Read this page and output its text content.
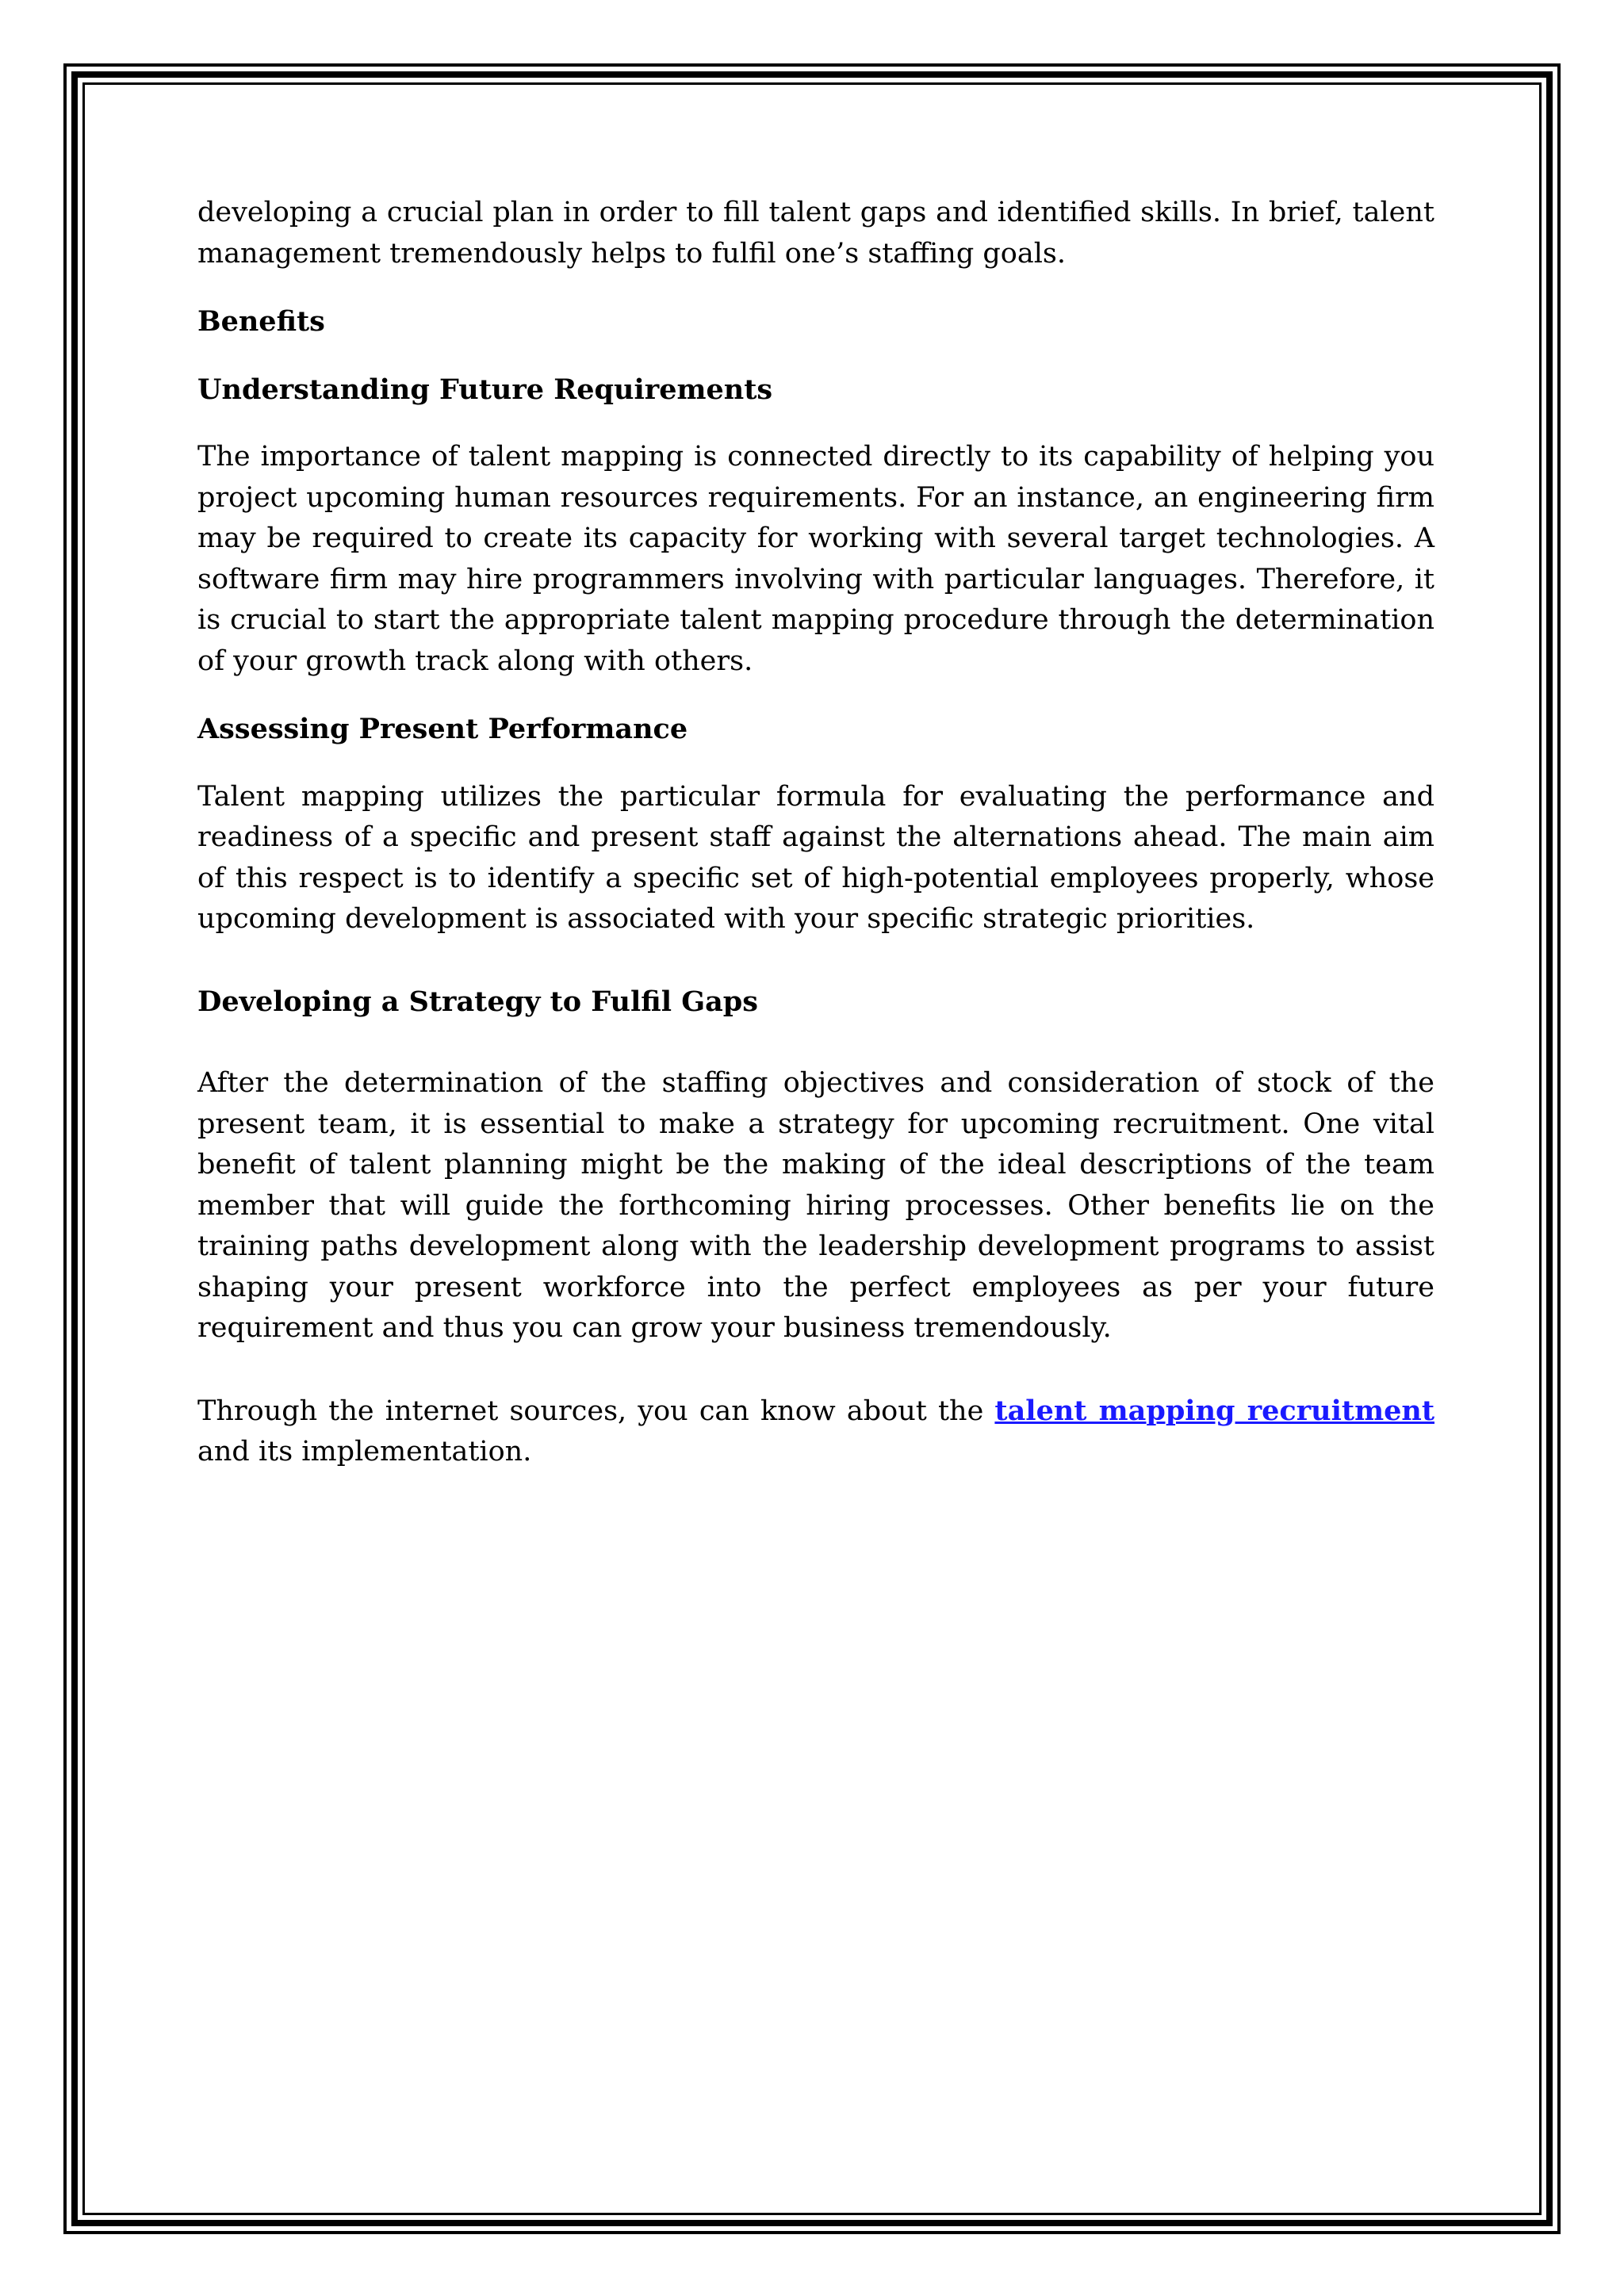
developing a crucial plan in order to fill talent gaps and identified skills. In brief, talent management tremendously helps to fulfil one’s staffing goals.

Benefits

Understanding Future Requirements

The importance of talent mapping is connected directly to its capability of helping you project upcoming human resources requirements. For an instance, an engineering firm may be required to create its capacity for working with several target technologies. A software firm may hire programmers involving with particular languages. Therefore, it is crucial to start the appropriate talent mapping procedure through the determination of your growth track along with others.

Assessing Present Performance

Talent mapping utilizes the particular formula for evaluating the performance and readiness of a specific and present staff against the alternations ahead. The main aim of this respect is to identify a specific set of high-potential employees properly, whose upcoming development is associated with your specific strategic priorities.

Developing a Strategy to Fulfil Gaps

After the determination of the staffing objectives and consideration of stock of the present team, it is essential to make a strategy for upcoming recruitment. One vital benefit of talent planning might be the making of the ideal descriptions of the team member that will guide the forthcoming hiring processes. Other benefits lie on the training paths development along with the leadership development programs to assist shaping your present workforce into the perfect employees as per your future requirement and thus you can grow your business tremendously.

Through the internet sources, you can know about the talent mapping recruitment and its implementation.
